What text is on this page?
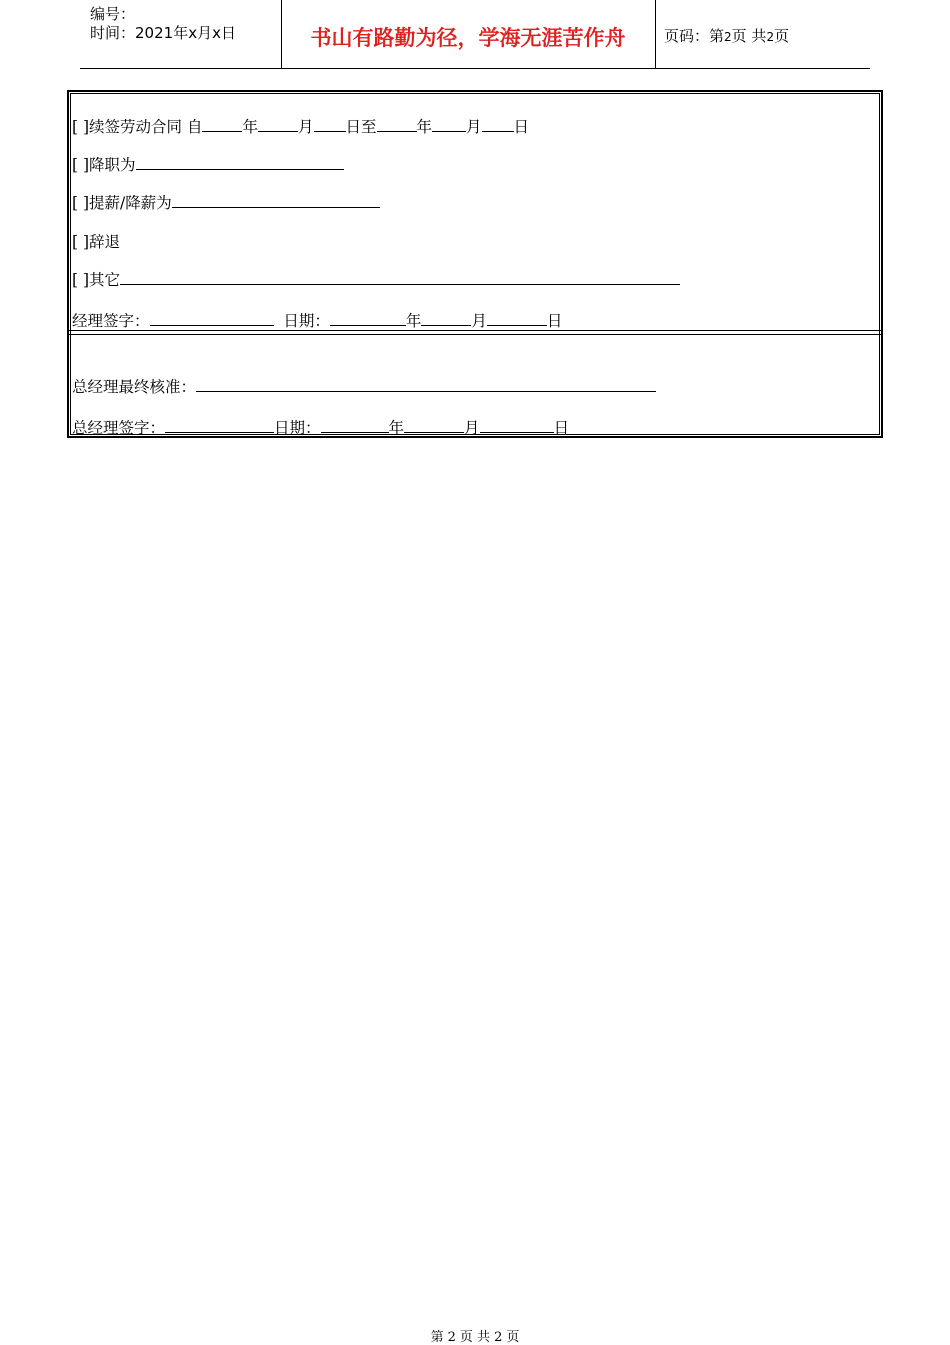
编号：
时间：2021年x月x日	书山有路勤为径，学海无涯苦作舟	页码：第2页 共2页
[ ]续签劳动合同 自	年	月 日至	年 月 日
[ ]降职为
[ ]提薪/降薪为
[ ]辞退
[ ]其它
经理签字：	日期：	年	月	日
总经理最终核准：
总经理签字：	日期：	年	月	日
第 2 页 共 2 页
